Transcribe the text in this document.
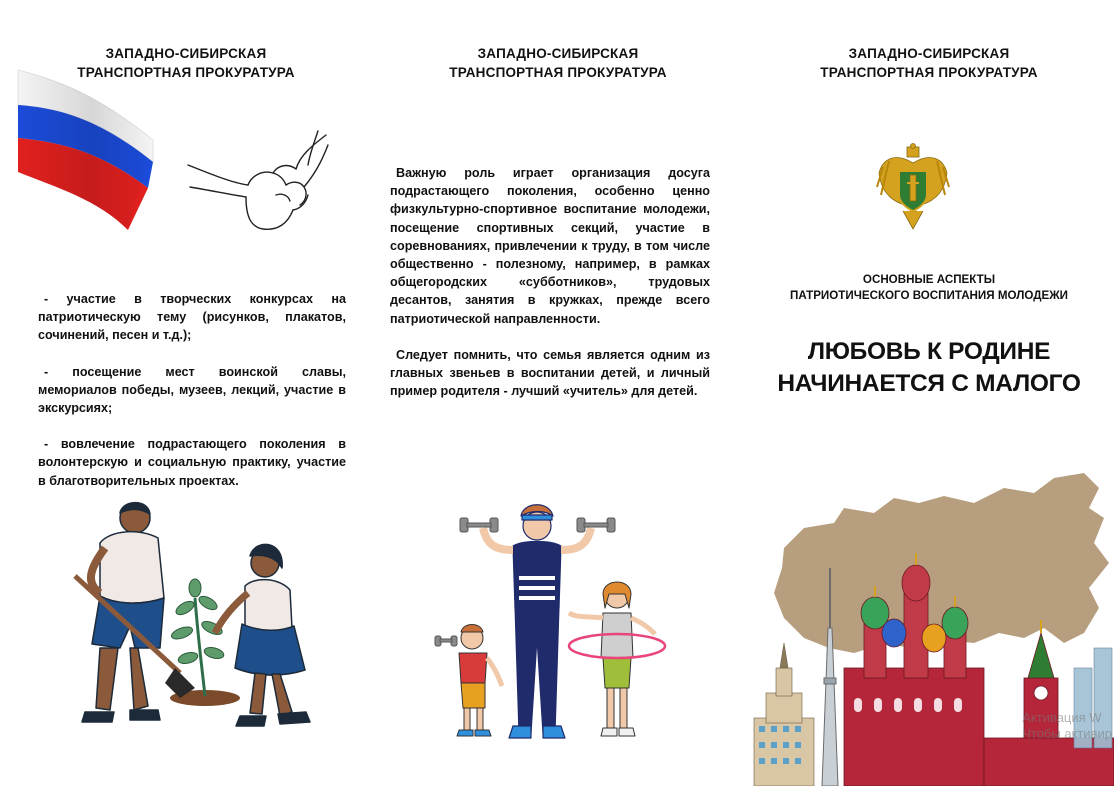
ЗАПАДНО-СИБИРСКАЯ
ТРАНСПОРТНАЯ ПРОКУРАТУРА

- участие в творческих конкурсах на патриотическую тему (рисунков, плакатов, сочинений, песен и т.д.);

- посещение мест воинской славы, мемориалов победы, музеев, лекций, участие в экскурсиях;

- вовлечение подрастающего поколения в волонтерскую и социальную практику, участие в благотворительных проектах.

ЗАПАДНО-СИБИРСКАЯ
ТРАНСПОРТНАЯ ПРОКУРАТУРА

Важную роль играет организация досуга подрастающего поколения, особенно ценно физкультурно-спортивное воспитание молодежи, посещение спортивных секций, участие в соревнованиях, привлечении к труду, в том числе общественно - полезному, например, в рамках общегородских «субботников», трудовых десантов, занятия в кружках, прежде всего патриотической направленности.

Следует помнить, что семья является одним из главных звеньев в воспитании детей, и личный пример родителя - лучший «учитель» для детей.

ЗАПАДНО-СИБИРСКАЯ
ТРАНСПОРТНАЯ ПРОКУРАТУРА
ОСНОВНЫЕ АСПЕКТЫ
ПАТРИОТИЧЕСКОГО ВОСПИТАНИЯ МОЛОДЕЖИ
ЛЮБОВЬ К РОДИНЕ
НАЧИНАЕТСЯ С МАЛОГО
Активация W
Чтобы активир
